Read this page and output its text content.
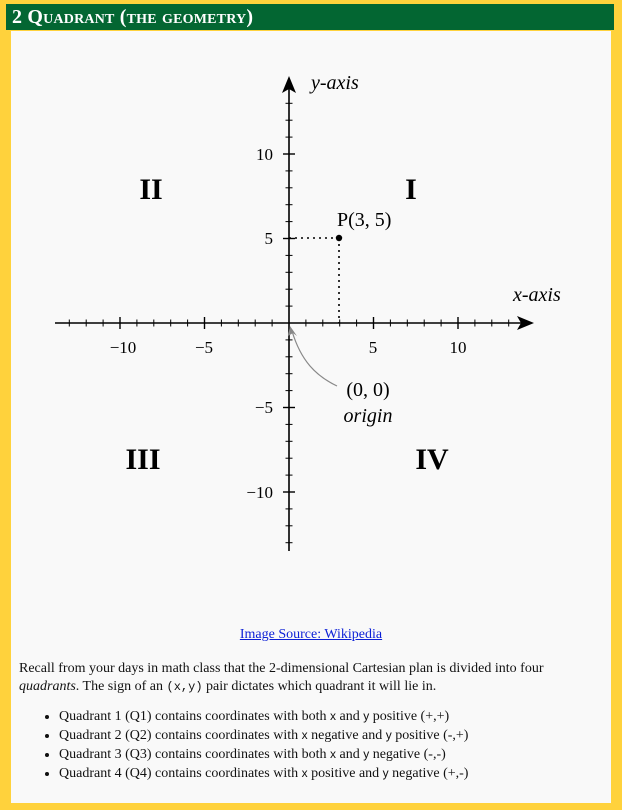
2 Quadrant (the geometry)
y-axis
x-axis
−10	−5	5	10
10
5
−5
−10
I
II
III	IV
P(3, 5)
(0, 0)
origin
Image Source: Wikipedia
Recall from your days in math class that the 2-dimensional Cartesian plan is divided into four quadrants. The sign of an (x,y) pair dictates which quadrant it will lie in.
• Quadrant 1 (Q1) contains coordinates with both x and y positive (+,+)
• Quadrant 2 (Q2) contains coordinates with x negative and y positive (-,+)
• Quadrant 3 (Q3) contains coordinates with both x and y negative (-,-)
• Quadrant 4 (Q4) contains coordinates with x positive and y negative (+,-)
